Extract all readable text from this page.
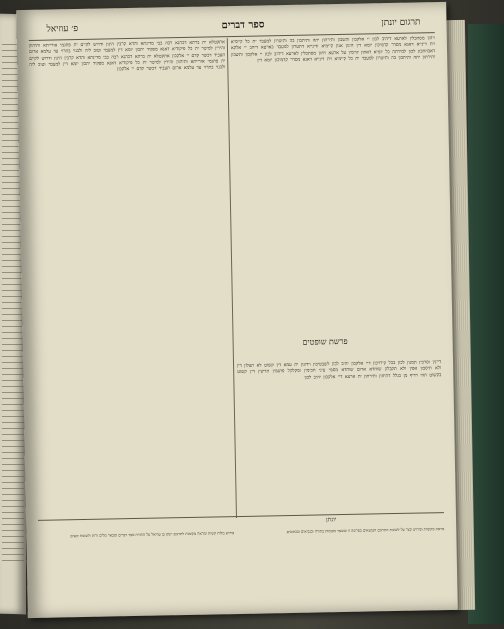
פ׳ עוזיאל	ספר דברים	תרגום יונתן

אתקטלא ית ברתא דכהנא רבה בבי מדינתא והדא קרבין הינון ודרוש לקיים ית פתגמי אורייתא ותיהוון זהירין למיטר ית כל פיקודיא דאנא מפקיד יתכון יומא דין למעבד וטוב ליה ולבנוי בתרוי עד עלמא ארום תעביד דכשר קדם יי אלקכון אתקטלא ית ברתא דכהנא רבה בבי מדינתא והדא קרבין הינון ודרוש לקיים ית פתגמי אורייתא ותיהוון זהירין למיטר ית כל פיקודיא דאנא מפקיד יתכון יומא דין למעבד וטוב ליה ולבנוי בתרוי עד עלמא ארום תעביד דכשר קדם יי אלקכון

ויהון מסתכלין לארעא דיהיב לכון יי אלקכון ותשבון ותירתון יתה ותיתבון בה ותיטרון למעבד ית כל קיימיא וית דינייא דאנא מסדר קדמיכון יומא דין הינון אנון קיימיא ודינייא דתטרון למעבד בארעא דיהב יי אלקא דאבהתכון לכון למירתה כל יומיא דאתון קיימין על ארעא ויהון מסתכלין לארעא דיהיב לכון יי אלקכון ותשבון ותירתון יתה ותיתבון בה ותיטרון למעבד ית כל קיימיא וית דינייא דאנא מסדר קדמיכון יומא דין

פרשת שופטים

דיינין וסרכין תמנון לכון בכל קירויכון דיי אלקכון יהיב לכון לשבטיכון וידונון ית עמא דין קשוט לא תצלון דין ולא תיסבון אפין ולא תקבלון שוחדא ארום שוחדא מסמי עיני חכימין ומקלקל פתגמין תריצין דין קשוט בקשוט תהי רדיף מן בגלל דתיחון ותירתון ית ארעא דיי אלקכון יהיב לכון

יונתן

פירוש מלות קשות ומראה מקומות לתרגום יונתן בן עוזיאל על התורה ספר דברים ומבאר מלים זרות ולשונות קשים

מראה מקומות ופירוש קצר על לשונות התרגום הנמצאים בפרשה זו ובשאר מקומות בתורה ובנביאים ובכתובים
